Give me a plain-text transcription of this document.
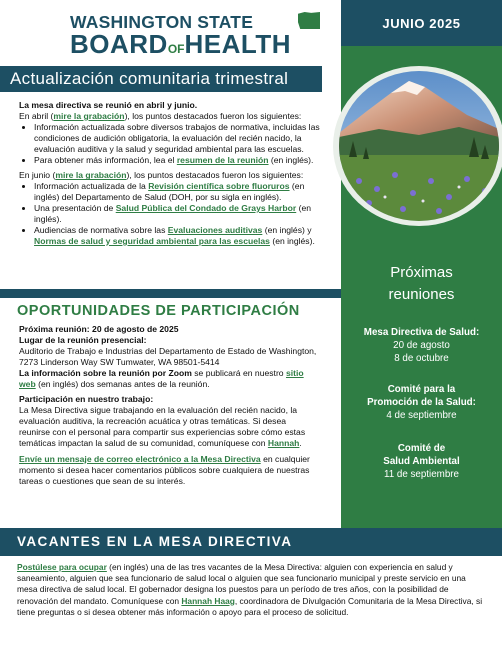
WASHINGTON STATE
BOARDOFHEALTH
Actualización comunitaria trimestral

La mesa directiva se reunió en abril y junio.

En abril (mire la grabación), los puntos destacados fueron los siguientes:

• Información actualizada sobre diversos trabajos de normativa, incluidas las condiciones de audición obligatoria, la evaluación del recién nacido, la evaluación auditiva y la salud y seguridad ambiental para las escuelas.
• Para obtener más información, lea el resumen de la reunión (en inglés).

En junio (mire la grabación), los puntos destacados fueron los siguientes:

• Información actualizada de la Revisión científica sobre fluoruros (en inglés) del Departamento de Salud (DOH, por su sigla en inglés).
• Una presentación de Salud Pública del Condado de Grays Harbor (en inglés).
• Audiencias de normativa sobre las Evaluaciones auditivas (en inglés) y Normas de salud y seguridad ambiental para las escuelas (en inglés).
OPORTUNIDADES DE PARTICIPACIÓN

Próxima reunión: 20 de agosto de 2025

Lugar de la reunión presencial:

Auditorio de Trabajo e Industrias del Departamento de Estado de Washington, 7273 Linderson Way SW Tumwater, WA 98501-5414

La información sobre la reunión por Zoom se publicará en nuestro sitio web (en inglés) dos semanas antes de la reunión.

Participación en nuestro trabajo:

La Mesa Directiva sigue trabajando en la evaluación del recién nacido, la evaluación auditiva, la recreación acuática y otras temáticas. Si desea reunirse con el personal para compartir sus experiencias sobre cómo estas temáticas impactan la salud de su comunidad, comuníquese con Hannah.

Envíe un mensaje de correo electrónico a la Mesa Directiva en cualquier momento si desea hacer comentarios públicos sobre cualquiera de nuestras tareas o cuestiones que sean de su interés.

JUNIO 2025
Próximas
reuniones
Mesa Directiva de Salud:
20 de agosto
8 de octubre
Comité para la
Promoción de la Salud:
4 de septiembre
Comité de
Salud Ambiental
11 de septiembre
VACANTES EN LA MESA DIRECTIVA
Postúlese para ocupar (en inglés) una de las tres vacantes de la Mesa Directiva: alguien con experiencia en salud y saneamiento, alguien que sea funcionario de salud local o alguien que sea funcionario municipal y preste servicio en una mesa directiva de salud local. El gobernador designa los puestos para un período de tres años, con la posibilidad de renovación del mandato. Comuníquese con Hannah Haag, coordinadora de Divulgación Comunitaria de la Mesa Directiva, si tiene preguntas o si desea obtener más información o apoyo para el proceso de solicitud.
